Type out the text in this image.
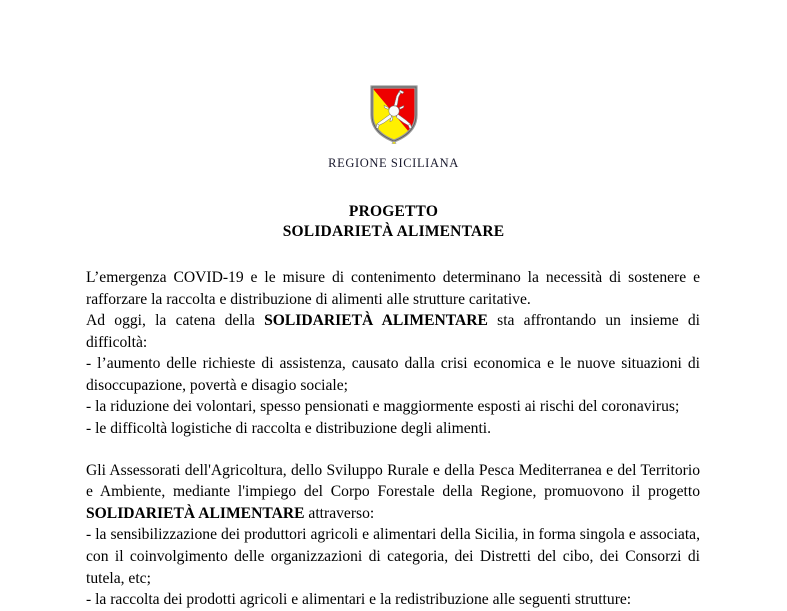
REGIONE SICILIANA
PROGETTO
SOLIDARIETÀ ALIMENTARE

L’emergenza COVID-19 e le misure di contenimento determinano la necessità di sostenere e rafforzare la raccolta e distribuzione di alimenti alle strutture caritative.

Ad oggi, la catena della SOLIDARIETÀ ALIMENTARE sta affrontando un insieme di difficoltà:

- l’aumento delle richieste di assistenza, causato dalla crisi economica e le nuove situazioni di disoccupazione, povertà e disagio sociale;

- la riduzione dei volontari, spesso pensionati e maggiormente esposti ai rischi del coronavirus;

- le difficoltà logistiche di raccolta e distribuzione degli alimenti.

Gli Assessorati dell'Agricoltura, dello Sviluppo Rurale e della Pesca Mediterranea e del Territorio e Ambiente, mediante l'impiego del Corpo Forestale della Regione, promuovono il progetto SOLIDARIETÀ ALIMENTARE attraverso:

- la sensibilizzazione dei produttori agricoli e alimentari della Sicilia, in forma singola e associata, con il coinvolgimento delle organizzazioni di categoria, dei Distretti del cibo, dei Consorzi di tutela, etc;

- la raccolta dei prodotti agricoli e alimentari e la redistribuzione alle seguenti strutture:
